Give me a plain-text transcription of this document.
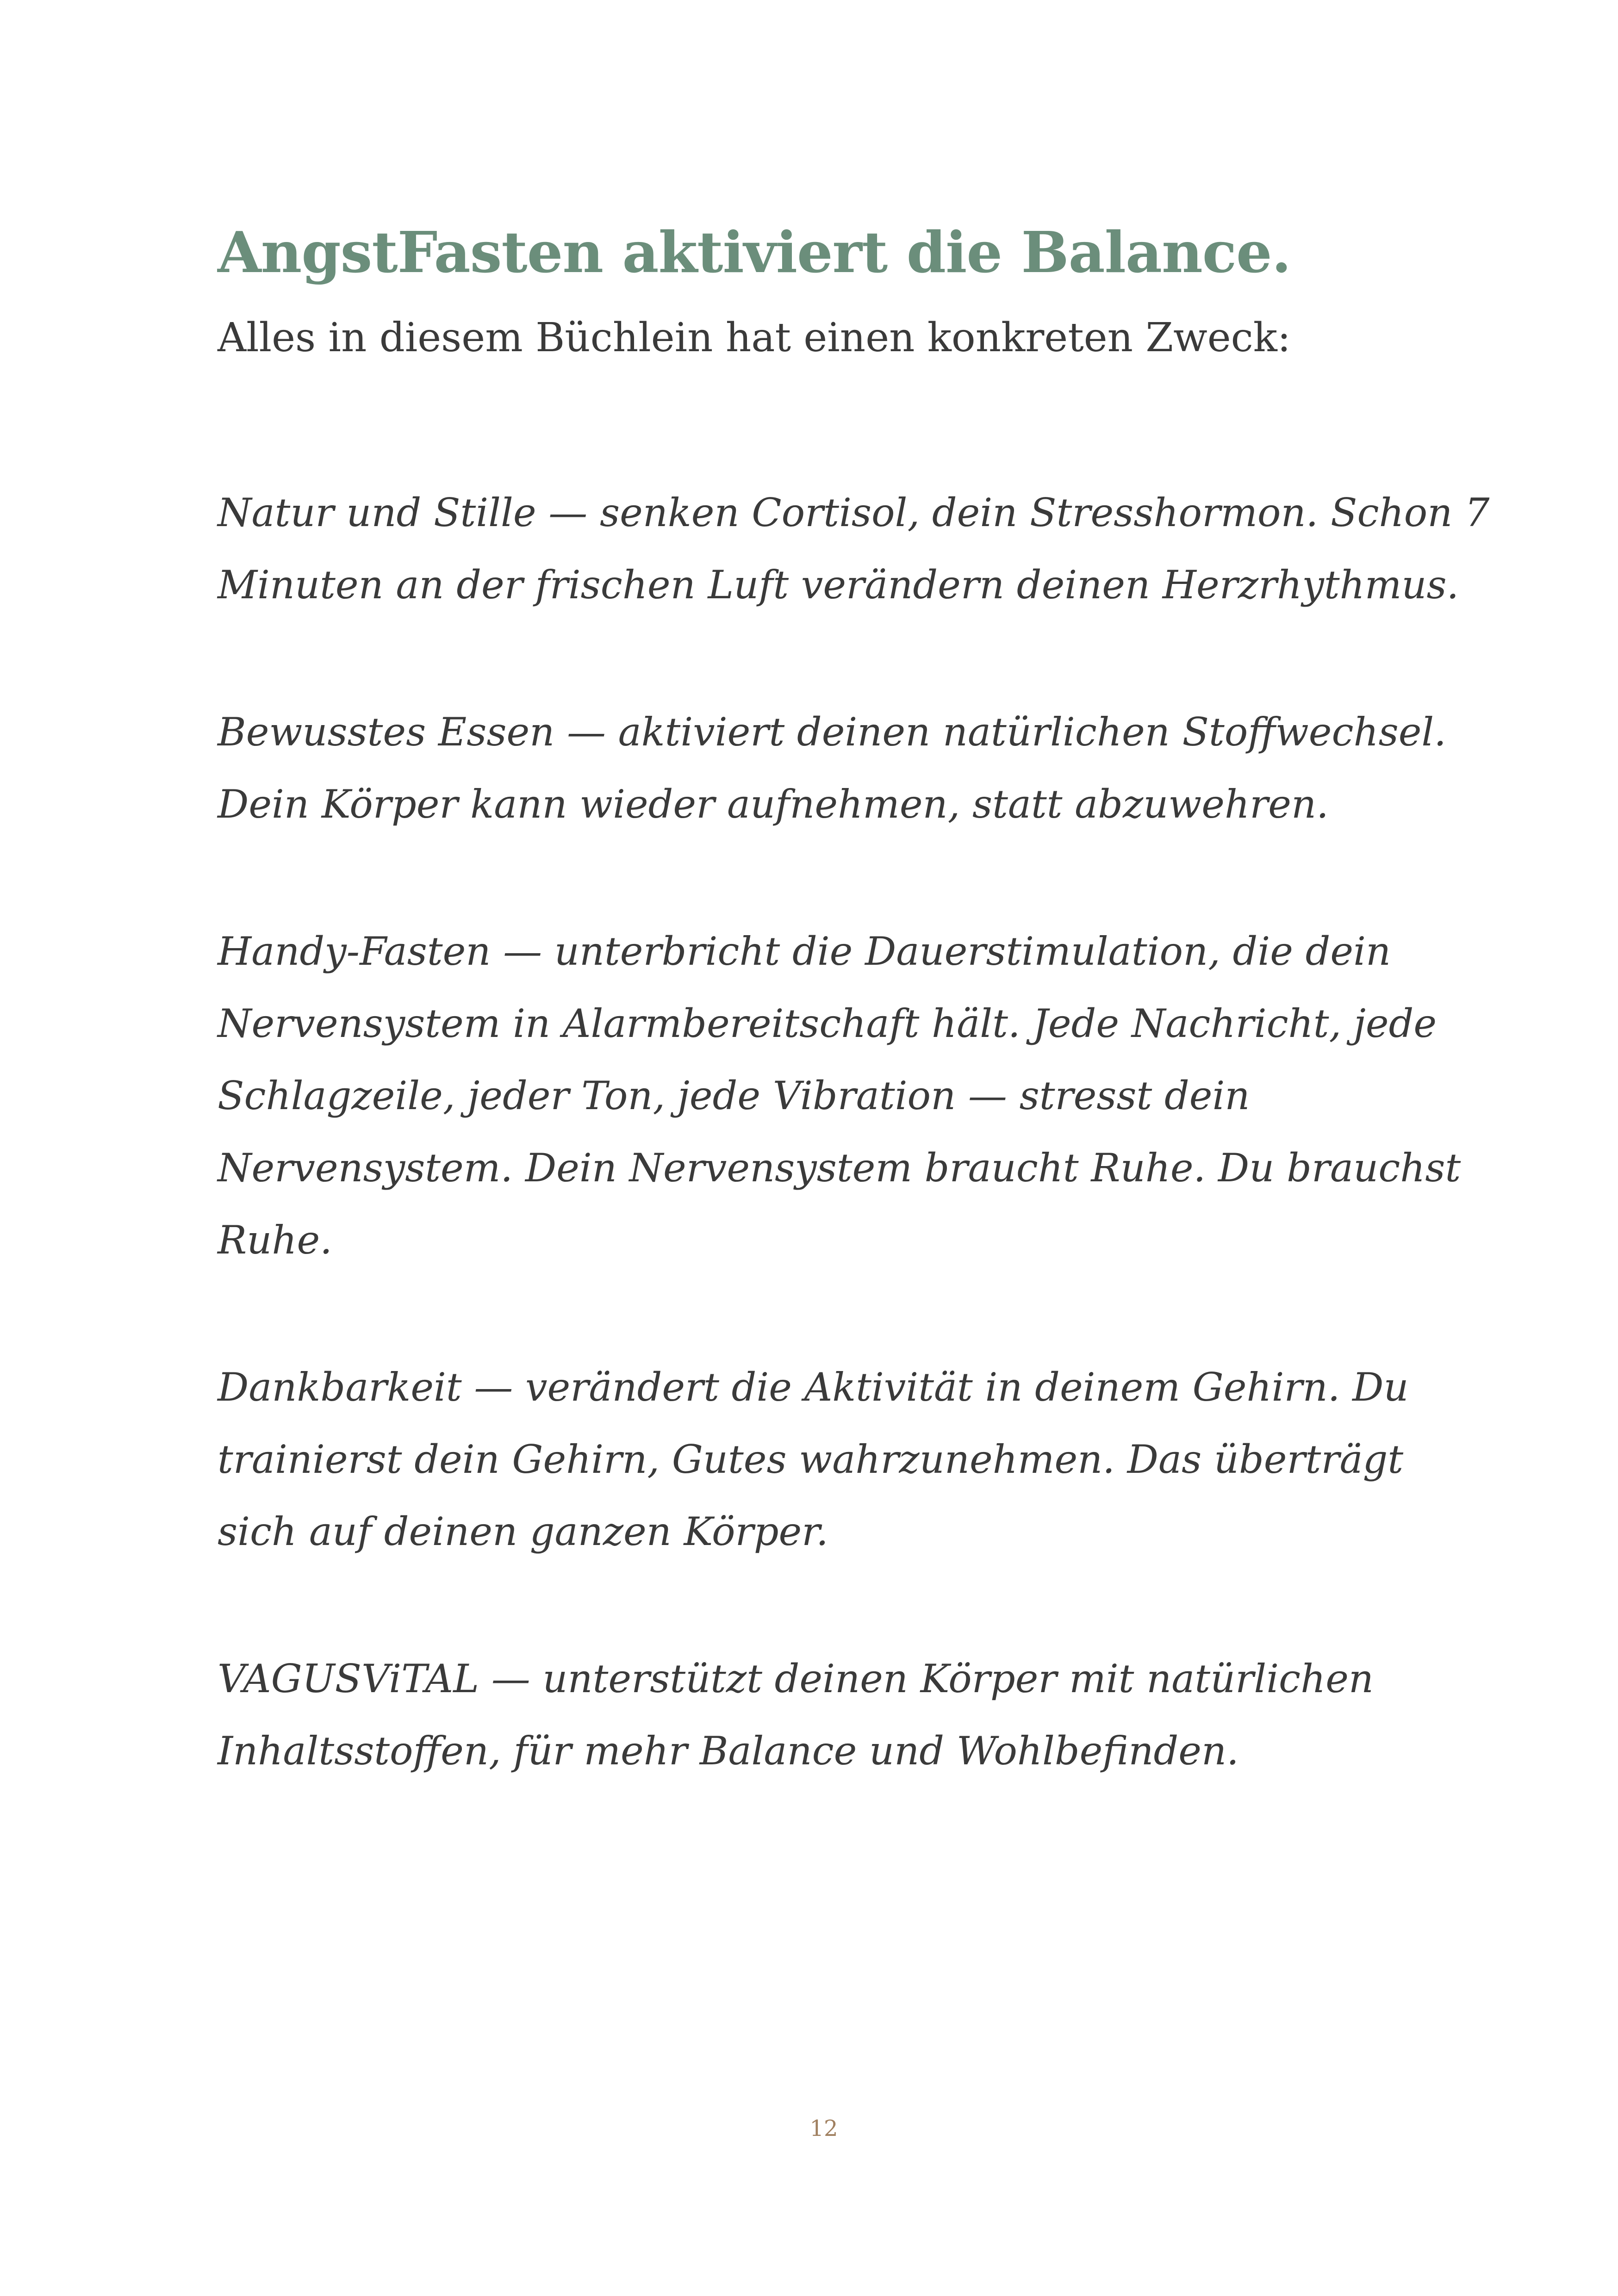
AngstFasten aktiviert die Balance.

Alles in diesem Büchlein hat einen konkreten Zweck:

Natur und Stille — senken Cortisol, dein Stresshormon. Schon 7
Minuten an der frischen Luft verändern deinen Herzrhythmus.

Bewusstes Essen — aktiviert deinen natürlichen Stoffwechsel.
Dein Körper kann wieder aufnehmen, statt abzuwehren.

Handy-Fasten — unterbricht die Dauerstimulation, die dein
Nervensystem in Alarmbereitschaft hält. Jede Nachricht, jede
Schlagzeile, jeder Ton, jede Vibration — stresst dein
Nervensystem. Dein Nervensystem braucht Ruhe. Du brauchst
Ruhe.

Dankbarkeit — verändert die Aktivität in deinem Gehirn. Du
trainierst dein Gehirn, Gutes wahrzunehmen. Das überträgt
sich auf deinen ganzen Körper.

VAGUSViTAL — unterstützt deinen Körper mit natürlichen
Inhaltsstoffen, für mehr Balance und Wohlbefinden.

12
